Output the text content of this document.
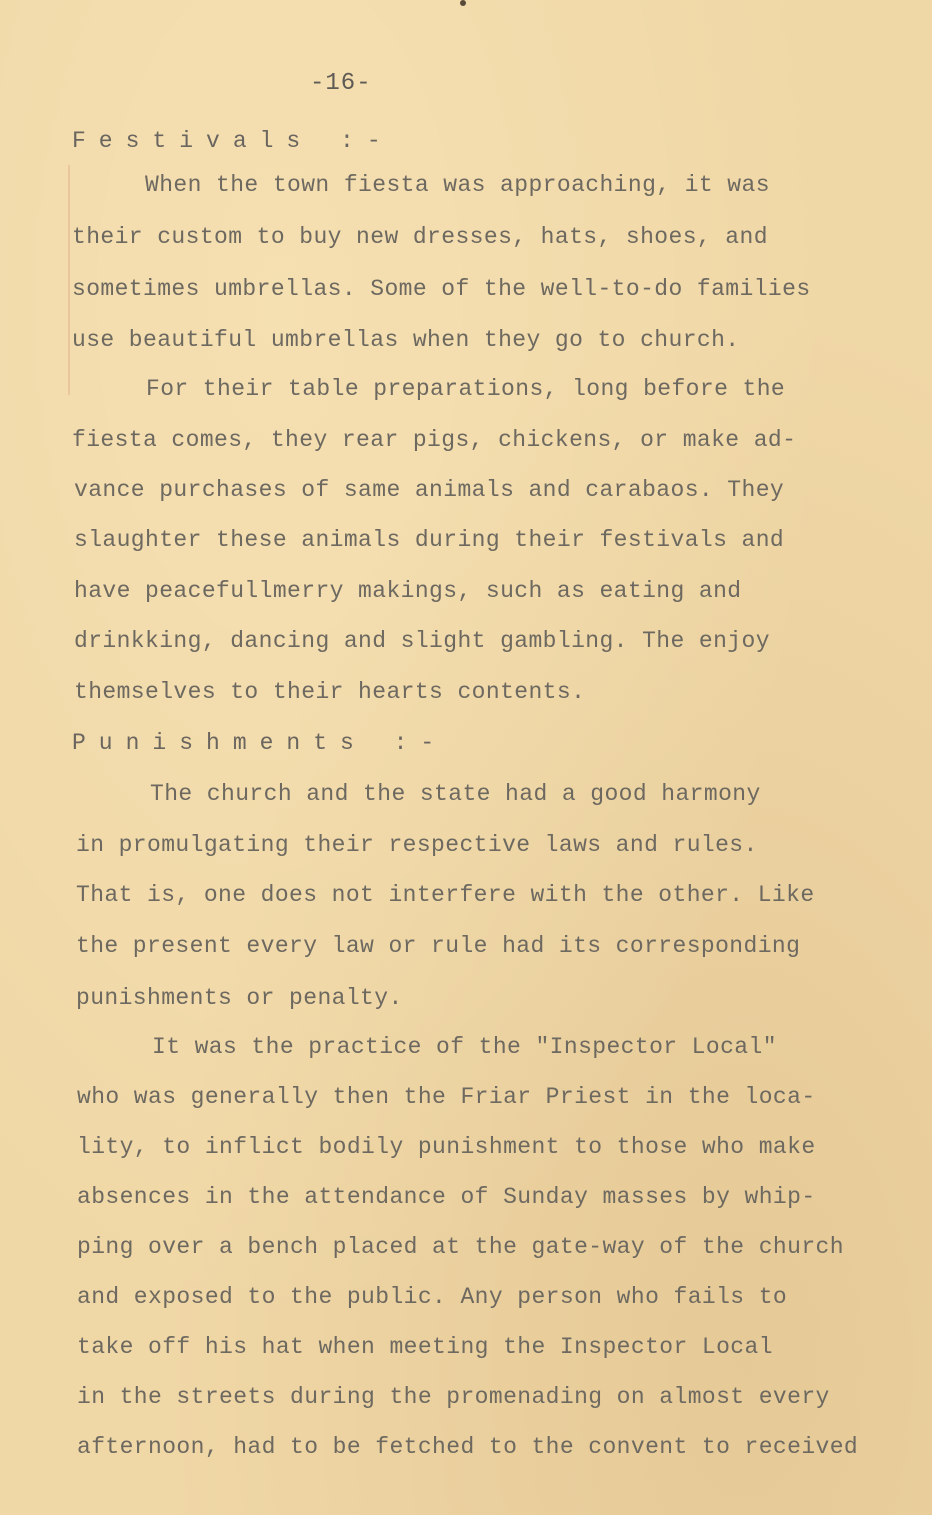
-16-
Festivals :-
When the town fiesta was approaching, it was
their custom to buy new dresses, hats, shoes, and
sometimes umbrellas. Some of the well-to-do families
use beautiful umbrellas when they go to church.
For their table preparations, long before the
fiesta comes, they rear pigs, chickens, or make ad-
vance purchases of same animals and carabaos. They
slaughter these animals during their festivals and
have peacefullmerry makings, such as eating and
drinkking, dancing and slight gambling. The enjoy
themselves to their hearts contents.
Punishments :-
The church and the state had a good harmony
in promulgating their respective laws and rules.
That is, one does not interfere with the other. Like
the present every law or rule had its corresponding
punishments or penalty.
It was the practice of the "Inspector Local"
who was generally then the Friar Priest in the loca-
lity, to inflict bodily punishment to those who make
absences in the attendance of Sunday masses by whip-
ping over a bench placed at the gate-way of the church
and exposed to the public. Any person who fails to
take off his hat when meeting the Inspector Local
in the streets during the promenading on almost every
afternoon, had to be fetched to the convent to received
